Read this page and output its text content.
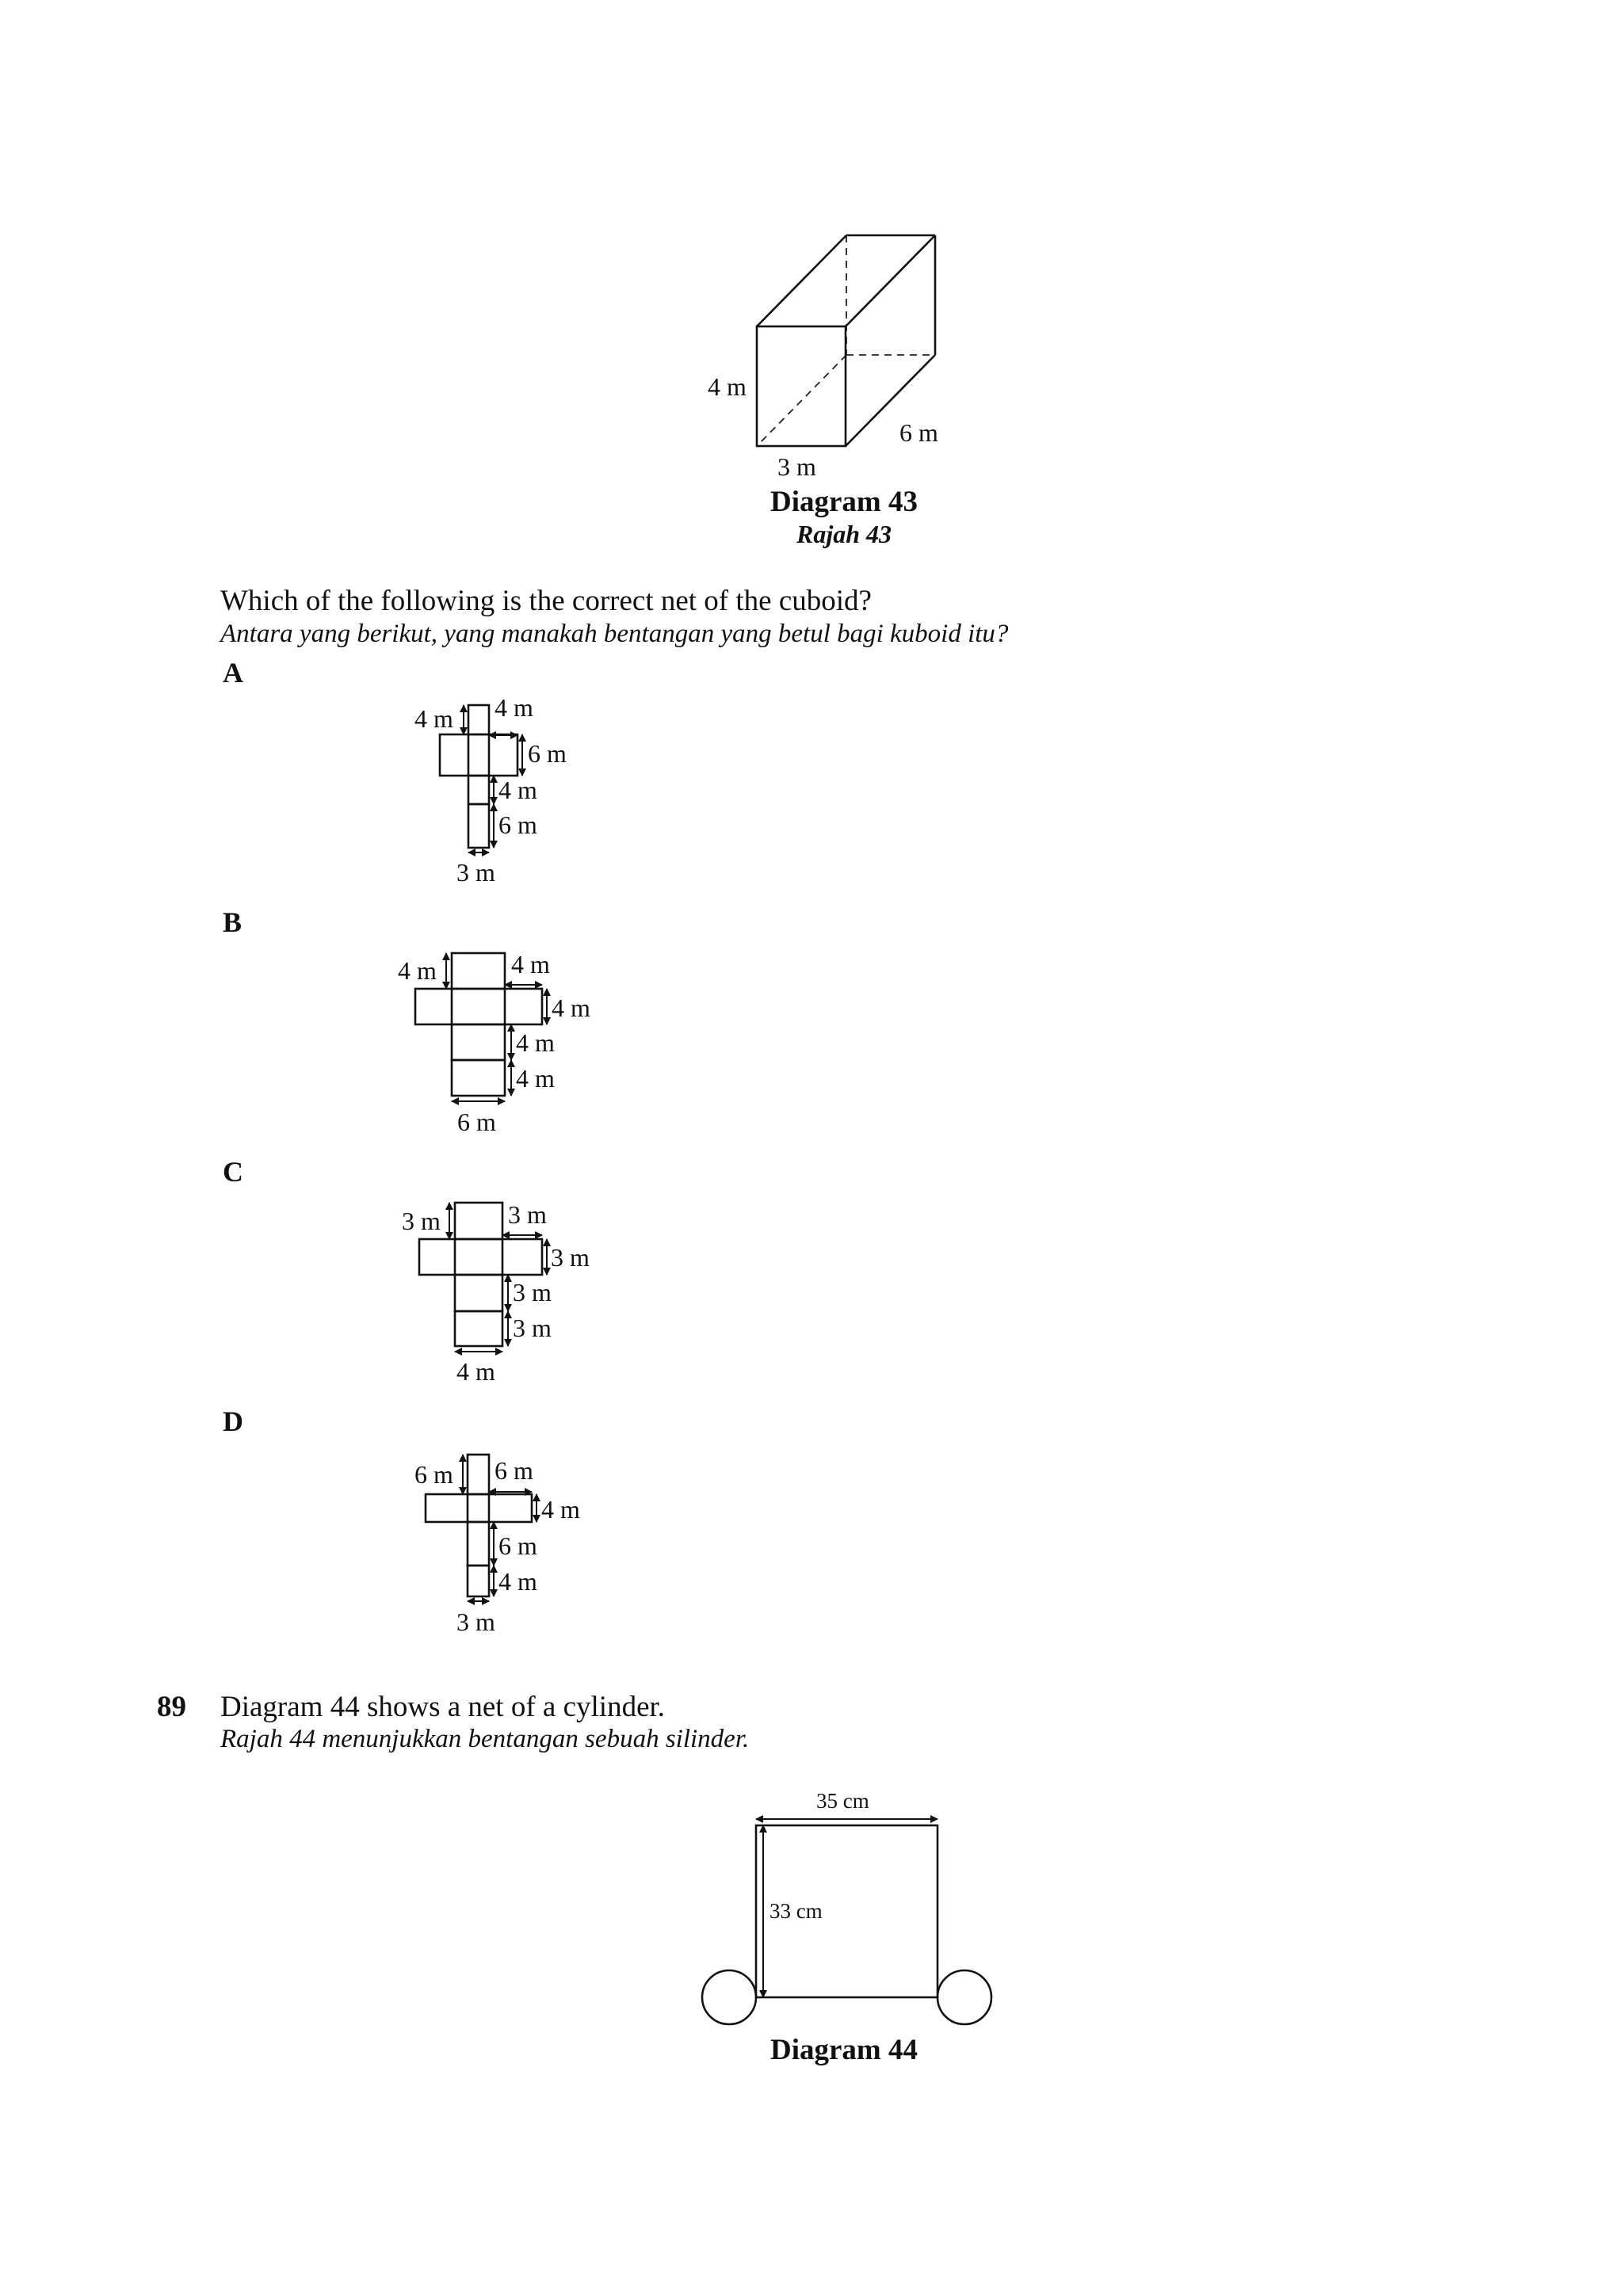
4 m
6 m
3 m
4 m 4 m
6 m
4 m
6 m
3 m
4 m	4 m
4 m
4 m
4 m
6 m
3 m	3 m
3 m
3 m
3 m
4 m
6 m 6 m
4 m
6 m
4 m
3 m
35 cm
33 cm
Diagram 43
Rajah 43
Which of the following is the correct net of the cuboid?
Antara yang berikut, yang manakah bentangan yang betul bagi kuboid itu?
A
B
C
D
89 Diagram 44 shows a net of a cylinder.
Rajah 44 menunjukkan bentangan sebuah silinder.
Diagram 44
